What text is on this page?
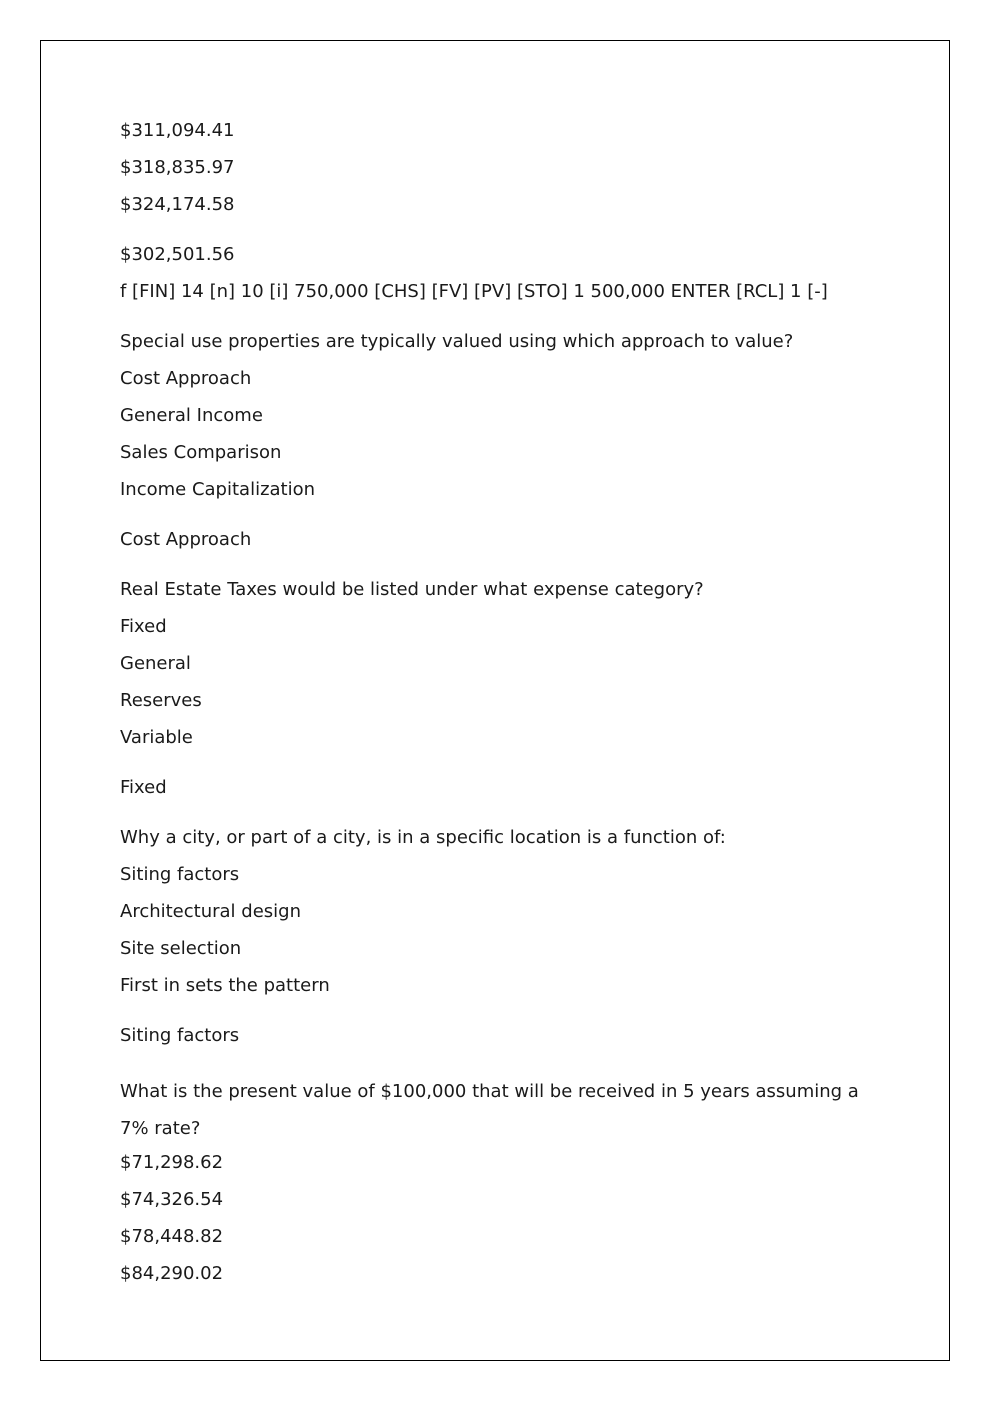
$311,094.41
$318,835.97
$324,174.58
$302,501.56
f [FIN] 14 [n] 10 [i] 750,000 [CHS] [FV] [PV] [STO] 1 500,000 ENTER [RCL] 1 [-]
Special use properties are typically valued using which approach to value?
Cost Approach
General Income
Sales Comparison
Income Capitalization
Cost Approach
Real Estate Taxes would be listed under what expense category?
Fixed
General
Reserves
Variable
Fixed
Why a city, or part of a city, is in a specific location is a function of:
Siting factors
Architectural design
Site selection
First in sets the pattern
Siting factors
What is the present value of $100,000 that will be received in 5 years assuming a 7% rate?
$71,298.62
$74,326.54
$78,448.82
$84,290.02
